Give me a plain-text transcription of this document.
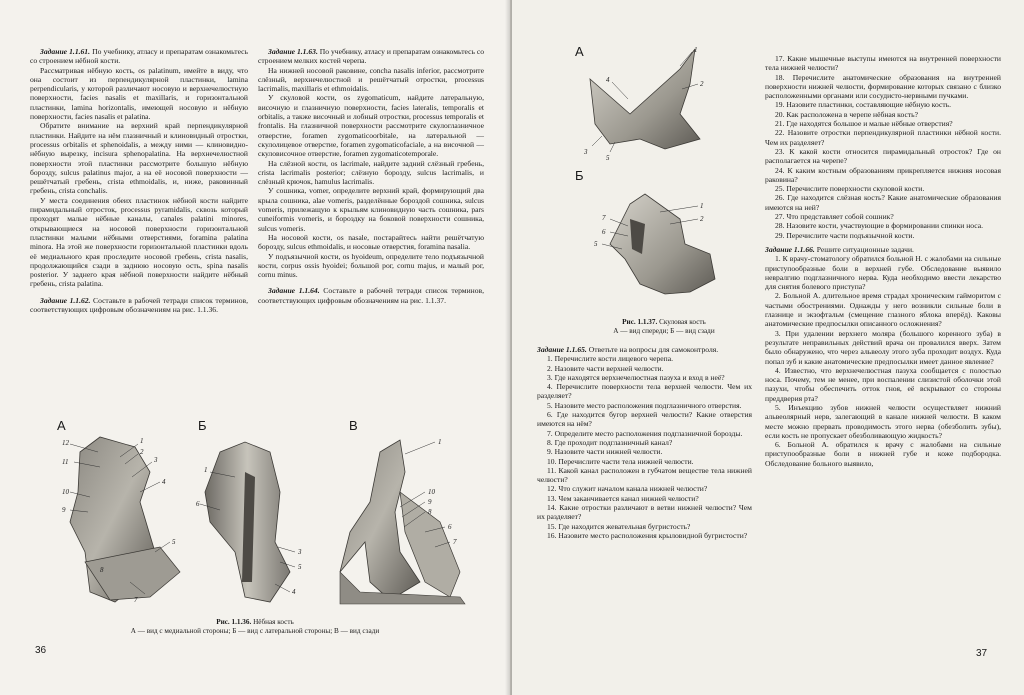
Задание 1.1.61. По учебнику, атласу и препаратам ознакомьтесь со строением нёбной кости.

Рассматривая нёбную кость, os palatinum, имейте в виду, что она состоит из перпендикулярной пластинки, lamina perpendicularis, у которой различают носовую и верхнечелюстную поверхности, facies nasalis et maxillaris, и горизонтальной пластинки, lamina horizontalis, имеющей носовую и нёбную поверхности, facies nasalis et palatina.

Обратите внимание на верхний край перпендикулярной пластинки. Найдите на нём глазничный и клиновидный отростки, processus orbitalis et sphenoidalis, а между ними — клиновидно-нёбную вырезку, incisura sphenopalatina. На верхнечелюстной поверхности этой пластинки рассмотрите большую нёбную борозду, sulcus palatinus major, а на её носовой поверхности — решётчатый гребень, crista ethmoidalis, и, ниже, раковинный гребень, crista conchalis.

У места соединения обеих пластинок нёбной кости найдите пирамидальный отросток, processus pyramidalis, сквозь который проходят малые нёбные каналы, canales palatini minores, открывающиеся на носовой поверхности горизонтальной пластинки малыми нёбными отверстиями, foramina palatina minora. На этой же поверхности горизонтальной пластинки вдоль её медиального края проследите носовой гребень, crista nasalis, продолжающийся сзади в заднюю носовую ость, spina nasalis posterior. У заднего края нёбной поверхности найдите нёбный гребень, crista palatina.

Задание 1.1.62. Составьте в рабочей тетради список терминов, соответствующих цифровым обозначениям на рис. 1.1.36.

Задание 1.1.63. По учебнику, атласу и препаратам ознакомьтесь со строением мелких костей черепа.

На нижней носовой раковине, concha nasalis inferior, рассмотрите слёзный, верхнечелюстной и решётчатый отростки, processus lacrimalis, maxillaris et ethmoidalis.

У скуловой кости, os zygomaticum, найдите латеральную, височную и глазничную поверхности, facies lateralis, temporalis et orbitalis, а также височный и лобный отростки, processus temporalis et frontalis. На глазничной поверхности рассмотрите скулоглазничное отверстие, foramen zygomaticoorbitale, на латеральной — скулолицевое отверстие, foramen zygomaticofaciale, а на височной — скуловисочное отверстие, foramen zygomaticotemporale.

На слёзной кости, os lacrimale, найдите задний слёзный гребень, crista lacrimalis posterior; слёзную борозду, sulcus lacrimalis, и слёзный крючок, hamulus lacrimalis.

У сошника, vomer, определите верхний край, формирующий два крыла сошника, alae vomeris, разделённые бороздой сошника, sulcus vomeris, прилежащую к крыльям клиновидную часть сошника, pars cuneiformis vomeris, и бороздку на боковой поверхности сошника, sulcus vomeris.

На носовой кости, os nasale, постарайтесь найти решётчатую борозду, sulcus ethmoidalis, и носовые отверстия, foramina nasalia.

У подъязычной кости, os hyoideum, определите тело подъязычной кости, corpus ossis hyoidei; большой рог, cornu majus, и малый рог, cornu minus.

Задание 1.1.64. Составьте в рабочей тетради список терминов, соответствующих цифровым обозначениям на рис. 1.1.37.

А	Б	В
12
11
10
9
1
2
3
4
5
7
8
6
1
3
5
4
1
10
9
8
6
7
Рис. 1.1.36. Нёбная кость
А — вид с медиальной стороны; Б — вид с латеральной стороны; В — вид сзади
36
А
Б
1
2
4
3
5
1
2
7
6
5
Рис. 1.1.37. Скуловая кость
А — вид спереди; Б — вид сзади

Задание 1.1.65. Ответьте на вопросы для самоконтроля.

1. Перечислите кости лицевого черепа.
2. Назовите части верхней челюсти.
3. Где находятся верхнечелюстная пазуха и вход в неё?
4. Перечислите поверхности тела верхней челюсти. Чем их разделяет?
5. Назовите место расположения подглазничного отверстия.
6. Где находится бугор верхней челюсти? Какие отверстия имеются на нём?
7. Определите место расположения подглазничной борозды.
8. Где проходит подглазничный канал?
9. Назовите части нижней челюсти.
10. Перечислите части тела нижней челюсти.
11. Какой канал расположен в губчатом веществе тела нижней челюсти?
12. Что служит началом канала нижней челюсти?
13. Чем заканчивается канал нижней челюсти?
14. Какие отростки различают в ветви нижней челюсти? Чем их разделяет?
15. Где находится жевательная бугристость?
16. Назовите место расположения крыловидной бугристости?
17. Какие мышечные выступы имеются на внутренней поверхности тела нижней челюсти?
18. Перечислите анатомические образования на внутренней поверхности нижней челюсти, формирование которых связано с близко расположенными органами или сосудисто-нервными пучками.
19. Назовите пластинки, составляющие нёбную кость.
20. Как расположена в черепе нёбная кость?
21. Где находятся большое и малые нёбные отверстия?
22. Назовите отростки перпендикулярной пластинки нёбной кости. Чем их разделяет?
23. К какой кости относится пирамидальный отросток? Где он располагается на черепе?
24. К каким костным образованиям прикрепляется нижняя носовая раковина?
25. Перечислите поверхности скуловой кости.
26. Где находится слёзная кость? Какие анатомические образования имеются на ней?
27. Что представляет собой сошник?
28. Назовите кости, участвующие в формировании спинки носа.
29. Перечислите части подъязычной кости.

Задание 1.1.66. Решите ситуационные задачи.

1. К врачу-стоматологу обратился больной Н. с жалобами на сильные приступообразные боли в верхней губе. Обследование выявило невралгию подглазничного нерва. Куда необходимо ввести лекарство для снятия болевого приступа?

2. Больной А. длительное время страдал хроническим гайморитом с частыми обострениями. Однажды у него возникли сильные боли в глазнице и экзофтальм (смещение глазного яблока вперёд). Каковы анатомические предпосылки описанного осложнения?

3. При удалении верхнего моляра (большого коренного зуба) в результате неправильных действий врача он провалился вверх. Затем было обнаружено, что через альвеолу этого зуба проходит воздух. Куда попал зуб и какие анатомические предпосылки имеет данное явление?

4. Известно, что верхнечелюстная пазуха сообщается с полостью носа. Почему, тем не менее, при воспалении слизистой оболочки этой пазухи, чтобы обеспечить отток гноя, её вскрывают со стороны преддверия рта?

5. Инъекцию зубов нижней челюсти осуществляет нижний альвеолярный нерв, залегающий в канале нижней челюсти. В каком месте можно прервать проводимость этого нерва (обезболить зубы), если кость не пропускает обезболивающую жидкость?

6. Больной А. обратился к врачу с жалобами на сильные приступообразные боли в нижней губе и коже подбородка. Обследование больного выявило,

37
